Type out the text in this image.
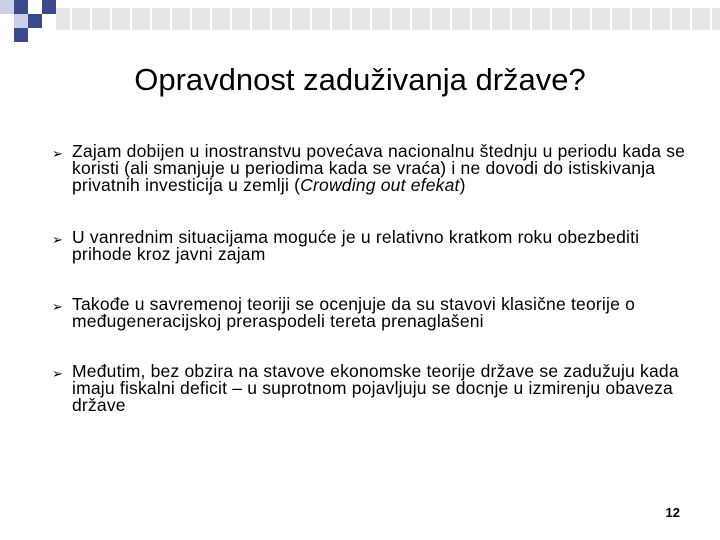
Opravdnost zaduživanja države?
➢ Zajam dobijen u inostranstvu povećava nacionalnu štednju u periodu kada se koristi (ali smanjuje u periodima kada se vraća) i ne dovodi do istiskivanja privatnih investicija u zemlji (Crowding out efekat)
➢ U vanrednim situacijama moguće je u relativno kratkom roku obezbediti prihode kroz javni zajam
➢ Takođe u savremenoj teoriji se ocenjuje da su stavovi klasične teorije o međugeneracijskoj preraspodeli tereta prenaglašeni
➢ Međutim, bez obzira na stavove ekonomske teorije države se zadužuju kada imaju fiskalni deficit – u suprotnom pojavljuju se docnje u izmirenju obaveza države
12
